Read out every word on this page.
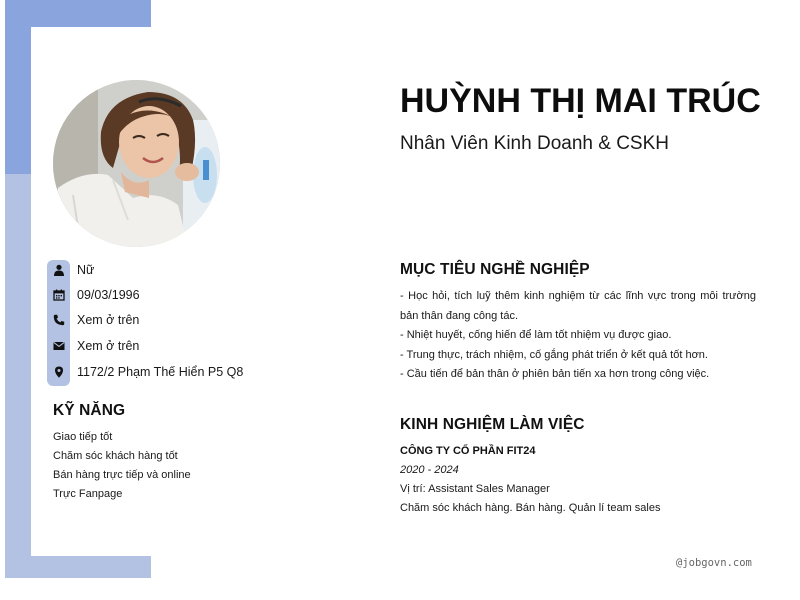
Nữ
09/03/1996
Xem ở trên
Xem ở trên
1172/2 Phạm Thế Hiển P5 Q8
KỸ NĂNG
Giao tiếp tốt
Chăm sóc khách hàng tốt
Bán hàng trực tiếp và online
Trực Fanpage
HUỲNH THỊ MAI TRÚC
Nhân Viên Kinh Doanh & CSKH
MỤC TIÊU NGHỀ NGHIỆP
- Học hỏi, tích luỹ thêm kinh nghiệm từ các lĩnh vực trong môi trường bản thân đang công tác.
- Nhiệt huyết, cống hiến để làm tốt nhiệm vụ được giao.
- Trung thực, trách nhiệm, cố gắng phát triển ở kết quả tốt hơn.
- Cầu tiến để bản thân ở phiên bản tiến xa hơn trong công việc.
KINH NGHIỆM LÀM VIỆC
CÔNG TY CỔ PHẦN FIT24
2020 - 2024
Vị trí: Assistant Sales Manager
Chăm sóc khách hàng. Bán hàng. Quản lí team sales
@jobgovn.com
